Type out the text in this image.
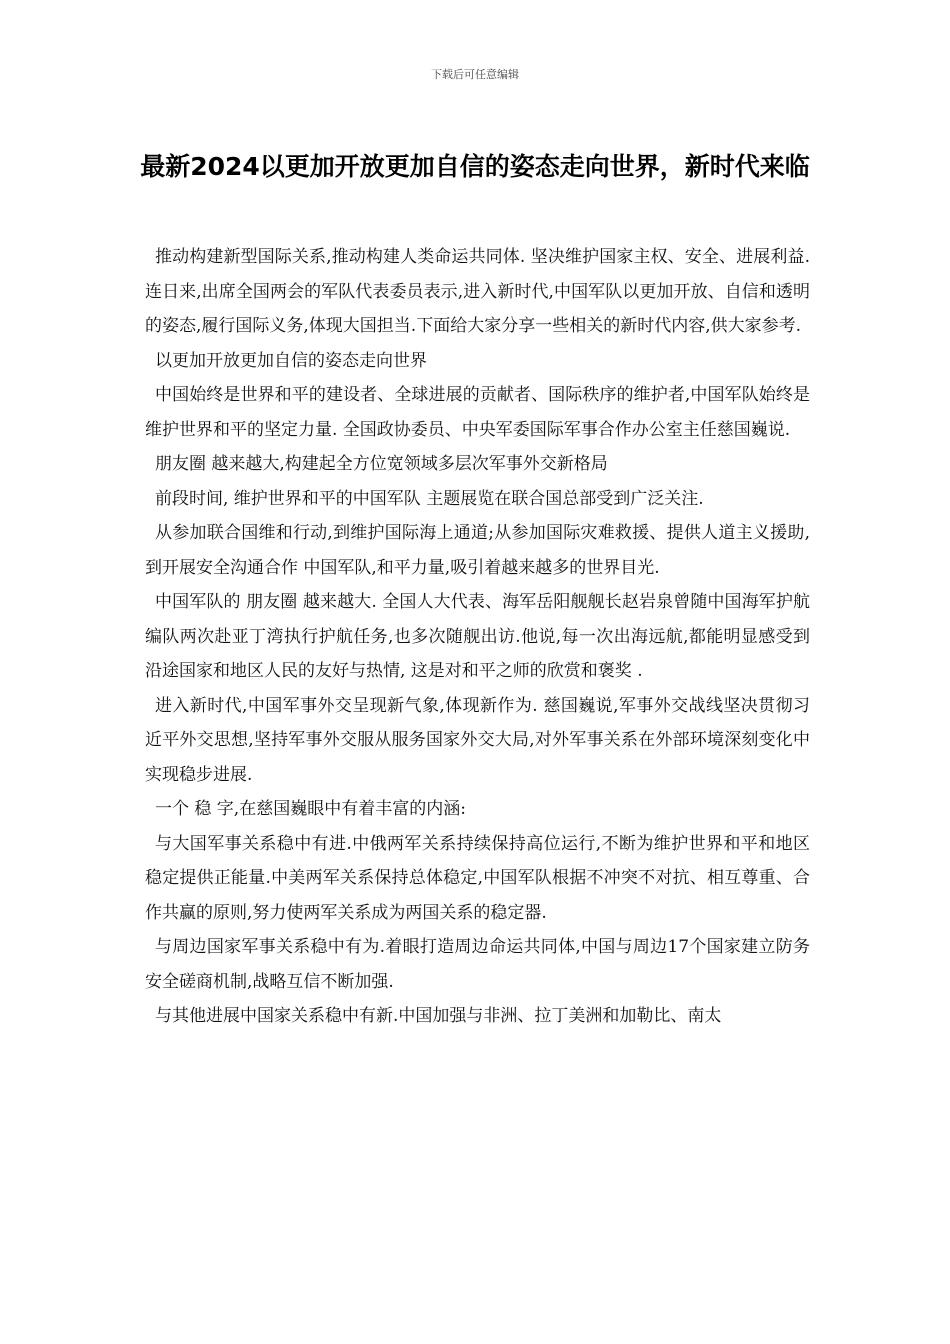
下载后可任意编辑
最新2024以更加开放更加自信的姿态走向世界，新时代来临

推动构建新型国际关系,推动构建人类命运共同体. 坚决维护国家主权、安全、进展利益. 连日来,出席全国两会的军队代表委员表示,进入新时代,中国军队以更加开放、自信和透明的姿态,履行国际义务,体现大国担当.下面给大家分享一些相关的新时代内容,供大家参考.

以更加开放更加自信的姿态走向世界

中国始终是世界和平的建设者、全球进展的贡献者、国际秩序的维护者,中国军队始终是维护世界和平的坚定力量. 全国政协委员、中央军委国际军事合作办公室主任慈国巍说.

朋友圈 越来越大,构建起全方位宽领域多层次军事外交新格局

前段时间, 维护世界和平的中国军队 主题展览在联合国总部受到广泛关注.

从参加联合国维和行动,到维护国际海上通道;从参加国际灾难救援、提供人道主义援助,到开展安全沟通合作 中国军队,和平力量,吸引着越来越多的世界目光.

中国军队的 朋友圈 越来越大. 全国人大代表、海军岳阳舰舰长赵岩泉曾随中国海军护航编队两次赴亚丁湾执行护航任务,也多次随舰出访.他说,每一次出海远航,都能明显感受到沿途国家和地区人民的友好与热情, 这是对和平之师的欣赏和褒奖 .

进入新时代,中国军事外交呈现新气象,体现新作为. 慈国巍说,军事外交战线坚决贯彻习近平外交思想,坚持军事外交服从服务国家外交大局,对外军事关系在外部环境深刻变化中实现稳步进展.

一个 稳 字,在慈国巍眼中有着丰富的内涵:

与大国军事关系稳中有进.中俄两军关系持续保持高位运行,不断为维护世界和平和地区稳定提供正能量.中美两军关系保持总体稳定,中国军队根据不冲突不对抗、相互尊重、合作共赢的原则,努力使两军关系成为两国关系的稳定器.

与周边国家军事关系稳中有为.着眼打造周边命运共同体,中国与周边17个国家建立防务安全磋商机制,战略互信不断加强.

与其他进展中国家关系稳中有新.中国加强与非洲、拉丁美洲和加勒比、南太
